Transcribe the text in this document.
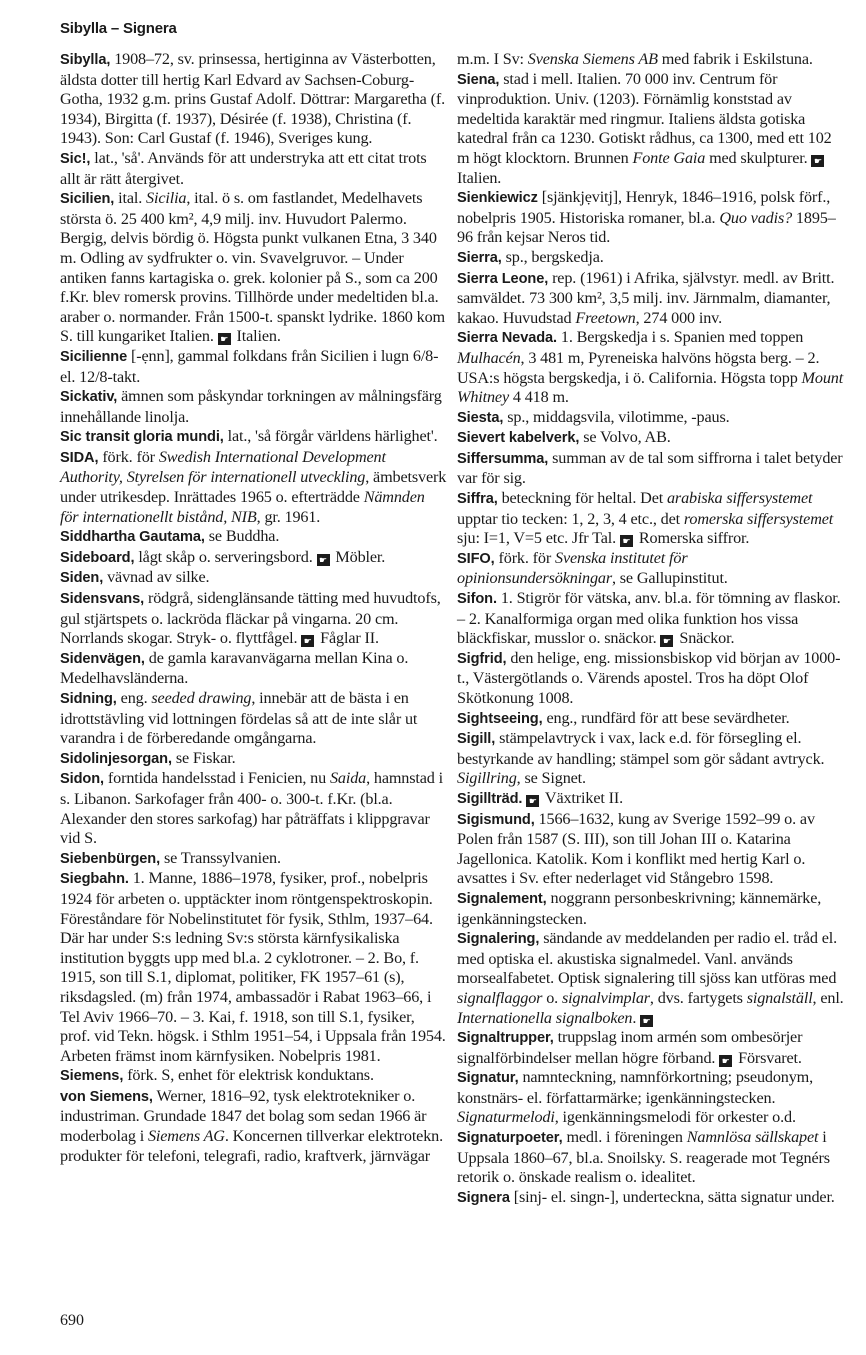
Sibylla – Signera

Sibylla, 1908–72, sv. prinsessa, hertiginna av Västerbotten, äldsta dotter till hertig Karl Edvard av Sachsen-Coburg-Gotha, 1932 g.m. prins Gustaf Adolf. Döttrar: Margaretha (f. 1934), Birgitta (f. 1937), Désirée (f. 1938), Christina (f. 1943). Son: Carl Gustaf (f. 1946), Sveriges kung.

Sic!, lat., 'så'. Används för att understryka att ett citat trots allt är rätt återgivet.

Sicilien, ital. Sicilia, ital. ö s. om fastlandet, Medelhavets största ö. 25 400 km², 4,9 milj. inv. Huvudort Palermo. Bergig, delvis bördig ö. Högsta punkt vulkanen Etna, 3 340 m. Odling av sydfrukter o. vin. Svavelgruvor. – Under antiken fanns kartagiska o. grek. kolonier på S., som ca 200 f.Kr. blev romersk provins. Tillhörde under medeltiden bl.a. araber o. normander. Från 1500-t. spanskt lydrike. 1860 kom S. till kungariket Italien. ☛ Italien.

Sicilienne [-ẹnn], gammal folkdans från Sicilien i lugn 6/8- el. 12/8-takt.

Sickativ, ämnen som påskyndar torkningen av målningsfärg innehållande linolja.

Sic transit gloria mundi, lat., 'så förgår världens härlighet'.

SIDA, förk. för Swedish International Development Authority, Styrelsen för internationell utveckling, ämbetsverk under utrikesdep. Inrättades 1965 o. efterträdde Nämnden för internationellt bistånd, NIB, gr. 1961.

Siddhartha Gautama, se Buddha.

Sideboard, lågt skåp o. serveringsbord. ☛ Möbler.

Siden, vävnad av silke.

Sidensvans, rödgrå, sidenglänsande tätting med huvudtofs, gul stjärtspets o. lackröda fläckar på vingarna. 20 cm. Norrlands skogar. Stryk- o. flyttfågel. ☛ Fåglar II.

Sidenvägen, de gamla karavanvägarna mellan Kina o. Medelhavsländerna.

Sidning, eng. seeded drawing, innebär att de bästa i en idrottstävling vid lottningen fördelas så att de inte slår ut varandra i de förberedande omgångarna.

Sidolinjesorgan, se Fiskar.

Sidon, forntida handelsstad i Fenicien, nu Saida, hamnstad i s. Libanon. Sarkofager från 400- o. 300-t. f.Kr. (bl.a. Alexander den stores sarkofag) har påträffats i klippgravar vid S.

Siebenbürgen, se Transsylvanien.

Siegbahn. 1. Manne, 1886–1978, fysiker, prof., nobelpris 1924 för arbeten o. upptäckter inom röntgenspektroskopin. Föreståndare för Nobelinstitutet för fysik, Sthlm, 1937–64. Där har under S:s ledning Sv:s största kärnfysikaliska institution byggts upp med bl.a. 2 cyklotroner. – 2. Bo, f. 1915, son till S.1, diplomat, politiker, FK 1957–61 (s), riksdagsled. (m) från 1974, ambassadör i Rabat 1963–66, i Tel Aviv 1966–70. – 3. Kai, f. 1918, son till S.1, fysiker, prof. vid Tekn. högsk. i Sthlm 1951–54, i Uppsala från 1954. Arbeten främst inom kärnfysiken. Nobelpris 1981.

Siemens, förk. S, enhet för elektrisk konduktans.

von Siemens, Werner, 1816–92, tysk elektrotekniker o. industriman. Grundade 1847 det bolag som sedan 1966 är moderbolag i Siemens AG. Koncernen tillverkar elektrotekn. produkter för telefoni, telegrafi, radio, kraftverk, järnvägar

m.m. I Sv: Svenska Siemens AB med fabrik i Eskilstuna.

Siena, stad i mell. Italien. 70 000 inv. Centrum för vinproduktion. Univ. (1203). Förnämlig konststad av medeltida karaktär med ringmur. Italiens äldsta gotiska katedral från ca 1230. Gotiskt rådhus, ca 1300, med ett 102 m högt klocktorn. Brunnen Fonte Gaia med skulpturer. ☛ Italien.

Sienkiewicz [sjänkjẹvitj], Henryk, 1846–1916, polsk förf., nobelpris 1905. Historiska romaner, bl.a. Quo vadis? 1895–96 från kejsar Neros tid.

Sierra, sp., bergskedja.

Sierra Leone, rep. (1961) i Afrika, självstyr. medl. av Britt. samväldet. 73 300 km², 3,5 milj. inv. Järnmalm, diamanter, kakao. Huvudstad Freetown, 274 000 inv.

Sierra Nevada. 1. Bergskedja i s. Spanien med toppen Mulhacén, 3 481 m, Pyreneiska halvöns högsta berg. – 2. USA:s högsta bergskedja, i ö. California. Högsta topp Mount Whitney 4 418 m.

Siesta, sp., middagsvila, vilotimme, -paus.

Sievert kabelverk, se Volvo, AB.

Siffersumma, summan av de tal som siffrorna i talet betyder var för sig.

Siffra, beteckning för heltal. Det arabiska siffersystemet upptar tio tecken: 1, 2, 3, 4 etc., det romerska siffersystemet sju: I=1, V=5 etc. Jfr Tal. ☛ Romerska siffror.

SIFO, förk. för Svenska institutet för opinionsundersökningar, se Gallupinstitut.

Sifon. 1. Stigrör för vätska, anv. bl.a. för tömning av flaskor. – 2. Kanalformiga organ med olika funktion hos vissa bläckfiskar, musslor o. snäckor. ☛ Snäckor.

Sigfrid, den helige, eng. missionsbiskop vid början av 1000-t., Västergötlands o. Värends apostel. Tros ha döpt Olof Skötkonung 1008.

Sightseeing, eng., rundfärd för att bese sevärdheter.

Sigill, stämpelavtryck i vax, lack e.d. för försegling el. bestyrkande av handling; stämpel som gör sådant avtryck. Sigillring, se Signet.

Sigillträd. ☛ Växtriket II.

Sigismund, 1566–1632, kung av Sverige 1592–99 o. av Polen från 1587 (S. III), son till Johan III o. Katarina Jagellonica. Katolik. Kom i konflikt med hertig Karl o. avsattes i Sv. efter nederlaget vid Stångebro 1598.

Signalement, noggrann personbeskrivning; kännemärke, igenkänningstecken.

Signalering, sändande av meddelanden per radio el. tråd el. med optiska el. akustiska signalmedel. Vanl. används morsealfabetet. Optisk signalering till sjöss kan utföras med signalflaggor o. signalvimplar, dvs. fartygets signalställ, enl. Internationella signalboken. ☛

Signaltrupper, truppslag inom armén som ombesörjer signalförbindelser mellan högre förband. ☛ Försvaret.

Signatur, namnteckning, namnförkortning; pseudonym, konstnärs- el. författarmärke; igenkänningstecken. Signaturmelodi, igenkänningsmelodi för orkester o.d.

Signaturpoeter, medl. i föreningen Namnlösa sällskapet i Uppsala 1860–67, bl.a. Snoilsky. S. reagerade mot Tegnérs retorik o. önskade realism o. idealitet.

Signera [sinj- el. singn-], underteckna, sätta signatur under.

690
